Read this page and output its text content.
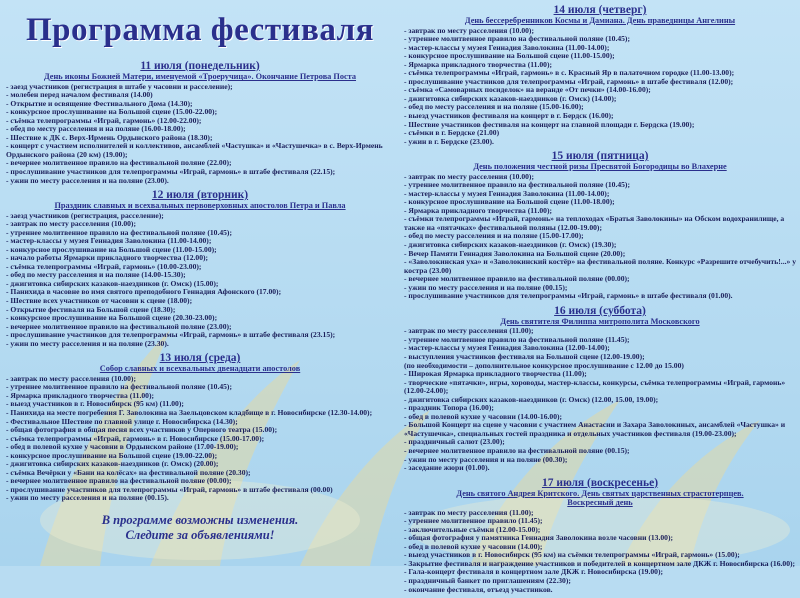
Программа фестиваля
11 июля (понедельник)
День иконы Божией Матери, именуемой «Троеручица». Окончание Петрова Поста
- заезд участников (регистрация в штабе у часовни и расселение);
- молебен перед началом фестиваля (14.00)
- Открытие и освящение Фестивального Дома (14.30);
- конкурсное прослушивание на Большой сцене (15.00-22.00);
- съёмка телепрограммы «Играй, гармонь» (12.00-22.00);
- обед по месту расселения и на поляне (16.00-18.00);
- Шествие к ДК с. Верх-Ирмень Ордынского района (18.30);
- концерт с участием исполнителей и коллективов, ансамблей «Частушка» и «Частушечка» в с. Верх-Ирмень Ордынского района (20 км) (19.00);
- вечернее молитвенное правило на фестивальной поляне (22.00);
- прослушивание участников для телепрограммы «Играй, гармонь» в штабе фестиваля (22.15);
- ужин по месту расселения и на поляне (23.00).
12 июля (вторник)
Праздник славных и всехвальных первоверховных апостолов Петра и Павла
- заезд участников (регистрация, расселение);
- завтрак по месту расселения (10.00);
- утреннее молитвенное правило на фестивальной поляне (10.45);
- мастер-классы у музея Геннадия Заволокина (11.00-14.00);
- конкурсное прослушивание на Большой сцене (11.00-15.00);
- начало работы Ярмарки прикладного творчества (12.00);
- съёмка телепрограммы «Играй, гармонь» (10.00-23.00);
- обед по месту расселения и на поляне (14.00-15.30);
- джигитовка сибирских казаков-наездников (г. Омск) (15.00);
- Панихида в часовне во имя святого преподобного Геннадия Афонского (17.00);
- Шествие всех участников от часовни к сцене (18.00);
- Открытие фестиваля на Большой сцене (18.30);
- конкурсное прослушивание на Большой сцене (20.30-23.00);
- вечернее молитвенное правило на фестивальной поляне (23.00);
- прослушивание участников для телепрограммы «Играй, гармонь» в штабе фестиваля (23.15);
- ужин по месту расселения и на поляне (23.30).
13 июля (среда)
Собор славных и всехвальных двенадцати апостолов
- завтрак по месту расселения (10.00);
- утреннее молитвенное правило на фестивальной поляне (10.45);
- Ярмарка прикладного творчества (11.00);
- выезд участников в г. Новосибирск (95 км) (11.00);
- Панихида на месте погребения Г. Заволокина на Заельцовском кладбище в г. Новосибирске (12.30-14.00);
- Фестивальное Шествие по главной улице г. Новосибирска (14.30);
- общая фотография в общая песня всех участников у Оперного театра (15.00);
- съёмка телепрограммы «Играй, гармонь» в г. Новосибирске (15.00-17.00);
- обед в полевой кухне у часовни в Ордынском районе (17.00-19.00);
- конкурсное прослушивание на Большой сцене (19.00-22.00);
- джигитовка сибирских казаков-наездников (г. Омск) (20.00);
- съёмка Вечёрки у «Бани на колёсах» на фестивальной поляне (20.30);
- вечернее молитвенное правило на фестивальной поляне (00.00);
- прослушивание участников для телепрограммы «Играй, гармонь» в штабе фестиваля (00.00)
- ужин по месту расселения и на поляне (00.15).
В программе возможны изменения.
Следите за объявлениями!
14 июля (четверг)
День бессеребренников Космы и Дамиана. День праведницы Ангелины
- завтрак по месту расселения (10.00);
- утреннее молитвенное правило на фестивальной поляне (10.45);
- мастер-классы у музея Геннадия Заволокина (11.00-14.00);
- конкурсное прослушивание на Большой сцене (11.00-15.00);
- Ярмарка прикладного творчества (11.00);
- съёмка телепрограммы «Играй, гармонь» в с. Красный Яр в палаточном городке (11.00-13.00);
- прослушивание участников для телепрограммы «Играй, гармонь» в штабе фестиваля (12.00);
- съёмка «Самоварных посиделок» на веранде «От печки» (14.00-16.00);
- джигитовка сибирских казаков-наездников (г. Омск) (14.00);
- обед по месту расселения и на поляне (15.00-16.00);
- выезд участников фестиваля на концерт в г. Бердск (16.00);
- Шествие участников фестиваля на концерт на главной площади г. Бердска (19.00);
- съёмки в г. Бердске (21.00)
- ужин в г. Бердске (23.00).
15 июля (пятница)
День положения честной ризы Пресвятой Богородицы во Влахерне
- завтрак по месту расселения (10.00);
- утреннее молитвенное правило на фестивальной поляне (10.45);
- мастер-классы у музея Геннадия Заволокина (11.00-14.00);
- конкурсное прослушивание на Большой сцене (11.00-18.00);
- Ярмарка прикладного творчества (11.00);
- съёмки телепрограммы «Играй, гармонь» на теплоходах «Братья Заволокины» на Обском водохранилище, а также на «пятачках» фестивальной поляны (12.00-19.00);
- обед по месту расселения и на поляне (15.00-17.00);
- джигитовка сибирских казаков-наездников (г. Омск) (19.30);
- Вечер Памяти Геннадия Заволокина на Большой сцене (20.00);
- «Заволокинская уха» и «Заволокинский костёр» на фестивальной поляне. Конкурс «Разрешите отчебучить!...» у костра (23.00)
- вечернее молитвенное правило на фестивальной поляне (00.00);
- ужин по месту расселения и на поляне (00.15);
- прослушивание участников для телепрограммы «Играй, гармонь» в штабе фестиваля (01.00).
16 июля (суббота)
День святителя Филиппа митрополита Московского
- завтрак по месту расселения (11.00);
- утреннее молитвенное правило на фестивальной поляне (11.45);
- мастер-классы у музея Геннадия Заволокина (12.00-14.00);
- выступления участников фестиваля на Большой сцене (12.00-19.00);
(по необходимости – дополнительное конкурсное прослушивание с 12.00 до 15.00)
- Широкая Ярмарка прикладного творчества (11.00);
- творческие «пятачки», игры, хороводы, мастер-классы, конкурсы, съёмка телепрограммы «Играй, гармонь» (12.00-24.00);
- джигитовка сибирских казаков-наездников (г. Омск) (12.00, 15.00, 19.00);
- праздник Топора (16.00);
- обед в полевой кухне у часовни (14.00-16.00);
- Большой Концерт на сцене у часовни с участием Анастасии и Захара Заволокиных, ансамблей «Частушка» и «Частушечка», специальных гостей праздника и отдельных участников фестиваля (19.00-23.00);
- праздничный салют (23.00);
- вечернее молитвенное правило на фестивальной поляне (00.15);
- ужин по месту расселения и на поляне (00.30);
- заседание жюри (01.00).
17 июля (воскресенье)
День святого Андрея Критского. День святых царственных страстотерпцев.
Воскресный день
- завтрак по месту расселения (11.00);
- утреннее молитвенное правило (11.45);
- заключительные съёмки (12.00-15.00);
- общая фотография у памятника Геннадия Заволокина возле часовни (13.00);
- обед в полевой кухне у часовни (14.00);
- выезд участников в г. Новосибирск (95 км) на съёмки телепрограммы «Играй, гармонь» (15.00);
- Закрытие фестиваля и награждение участников и победителей в концертном зале ДКЖ г. Новосибирска (16.00);
- Гала-концерт фестиваля в концертном зале ДКЖ г. Новосибирска (19.00);
- праздничный банкет по приглашениям (22.30);
- окончание фестиваля, отъезд участников.
